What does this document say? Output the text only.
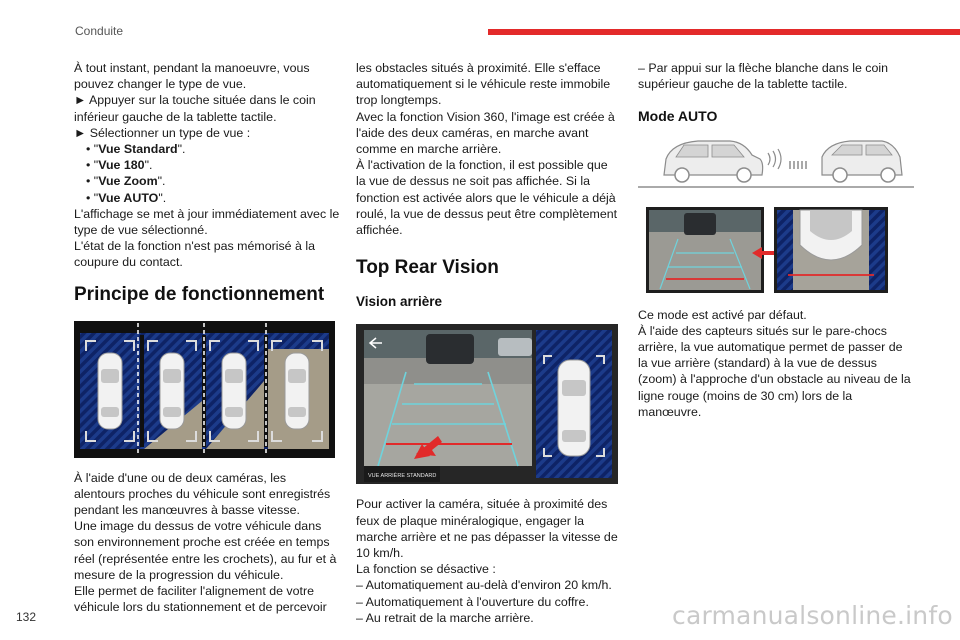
Conduite

À tout instant, pendant la manoeuvre, vous pouvez changer le type de vue.

► Appuyer sur la touche située dans le coin inférieur gauche de la tablette tactile.

► Sélectionner un type de vue :

• "Vue Standard".

• "Vue 180".

• "Vue Zoom".

• "Vue AUTO".

L'affichage se met à jour immédiatement avec le type de vue sélectionné.

L'état de la fonction n'est pas mémorisé à la coupure du contact.

Principe de fonctionnement

À l'aide d'une ou de deux caméras, les alentours proches du véhicule sont enregistrés pendant les manœuvres à basse vitesse.

Une image du dessus de votre véhicule dans son environnement proche est créée en temps réel (représentée entre les crochets), au fur et à mesure de la progression du véhicule.

Elle permet de faciliter l'alignement de votre véhicule lors du stationnement et de percevoir

les obstacles situés à proximité. Elle s'efface automatiquement si le véhicule reste immobile trop longtemps.

Avec la fonction Vision 360, l'image est créée à l'aide des deux caméras, en marche avant comme en marche arrière.

À l'activation de la fonction, il est possible que la vue de dessus ne soit pas affichée. Si la fonction est activée alors que le véhicule a déjà roulé, la vue de dessus peut être complètement affichée.

Top Rear Vision
Vision arrière
VUE ARRIÈRE STANDARD

Pour activer la caméra, située à proximité des feux de plaque minéralogique, engager la marche arrière et ne pas dépasser la vitesse de 10 km/h.

La fonction se désactive :

– Automatiquement au-delà d'environ 20 km/h.

– Automatiquement à l'ouverture du coffre.

– Au retrait de la marche arrière.

– Par appui sur la flèche blanche dans le coin supérieur gauche de la tablette tactile.

Mode AUTO

Ce mode est activé par défaut.

À l'aide des capteurs situés sur le pare-chocs arrière, la vue automatique permet de passer de la vue arrière (standard) à la vue de dessus (zoom) à l'approche d'un obstacle au niveau de la ligne rouge (moins de 30 cm) lors de la manœuvre.

132	carmanualsonline.info
